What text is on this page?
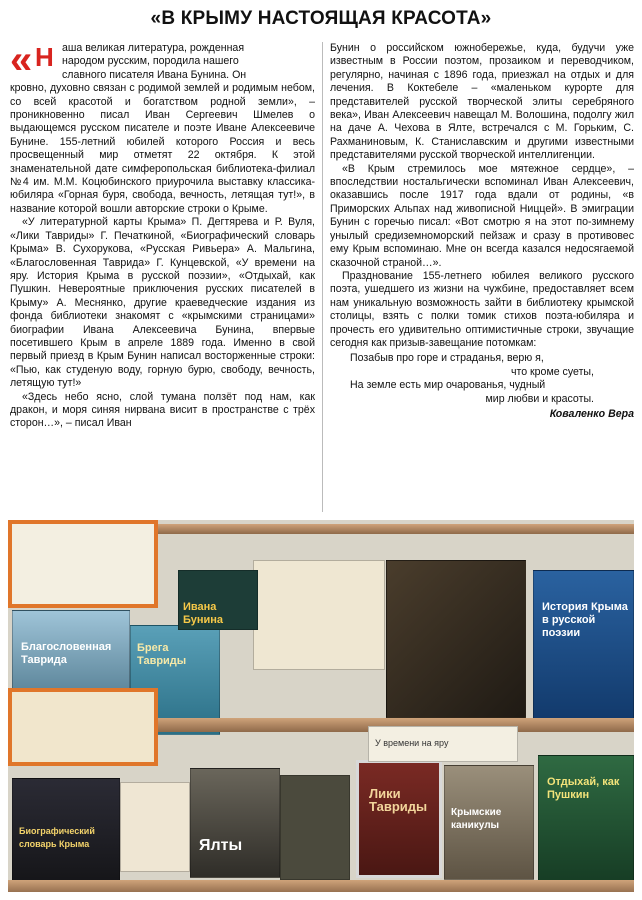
«В КРЫМУ НАСТОЯЩАЯ КРАСОТА»
« Н аша великая литература, рожденная
народом русским, породила нашего
славного писателя Ивана Бунина. Он

кровно, духовно связан с родимой землей и родимым небом, со всей красотой и богатством родной земли», – проникновенно писал Иван Сергеевич Шмелев о выдающемся русском писателе и поэте Иване Алексеевиче Бунине. 155-летний юбилей которого Россия и весь просвещенный мир отметят 22 октября. К этой знаменательной дате симферопольская библиотека-филиал №4 им. М.М. Коцюбинского приурочила выставку классика-юбиляра «Горная буря, свобода, вечность, летящая тут!», в название которой вошли авторские строки о Крыме.

«У литературной карты Крыма» П. Дегтярева и Р. Вуля, «Лики Тавриды» Г. Печаткиной, «Биографический словарь Крыма» В. Сухорукова, «Русская Ривьера» А. Мальгина, «Благословенная Таврида» Г. Кунцевской, «У времени на яру. История Крыма в русской поэзии», «Отдыхай, как Пушкин. Невероятные приключения русских писателей в Крыму» А. Меснянко, другие краеведческие издания из фонда библиотеки знакомят с «крымскими страницами» биографии Ивана Алексеевича Бунина, впервые посетившего Крым в апреле 1889 года. Именно в свой первый приезд в Крым Бунин написал восторженные строки: «Пью, как студеную воду, горную бурю, свободу, вечность, летящую тут!»

«Здесь небо ясно, слой тумана ползёт под нам, как дракон, и моря синяя нирвана висит в пространстве с трёх сторон…», – писал Иван

Бунин о российском южнобережье, куда, будучи уже известным в России поэтом, прозаиком и переводчиком, регулярно, начиная с 1896 года, приезжал на отдых и для лечения. В Коктебеле – «маленьком курорте для представителей русской творческой элиты серебряного века», Иван Алексеевич навещал М. Волошина, подолгу жил на даче А. Чехова в Ялте, встречался с М. Горьким, С. Рахманиновым, К. Станиславским и другими известными представителями русской творческой интеллигенции.

«В Крым стремилось мое мятежное сердце», – впоследствии ностальгически вспоминал Иван Алексеевич, оказавшись после 1917 года вдали от родины, «в Приморских Альпах над живописной Ниццей». В эмиграции Бунин с горечью писал: «Вот смотрю я на этот по-зимнему унылый средиземноморский пейзаж и сразу в противовес ему Крым вспоминаю. Мне он всегда казался недосягаемой сказочной страной…».

Празднование 155-летнего юбилея великого русского поэта, ушедшего из жизни на чужбине, предоставляет всем нам уникальную возможность зайти в библиотеку крымской столицы, взять с полки томик стихов поэта-юбиляра и прочесть его удивительно оптимистичные строки, звучащие сегодня как призыв-завещание потомкам:

Позабыв про горе и страданья, верю я,
что кроме суеты,
На земле есть мир очарованья, чудный
мир любви и красоты.
Коваленко Вера
Благословенная Таврида
Брега Тавриды
Ивана Бунина
История Крыма в русской поэзии
Биографический словарь Крыма	Ялты
Лики Тавриды	Крымские каникулы
Отдыхай, как Пушкин
У времени на яру
